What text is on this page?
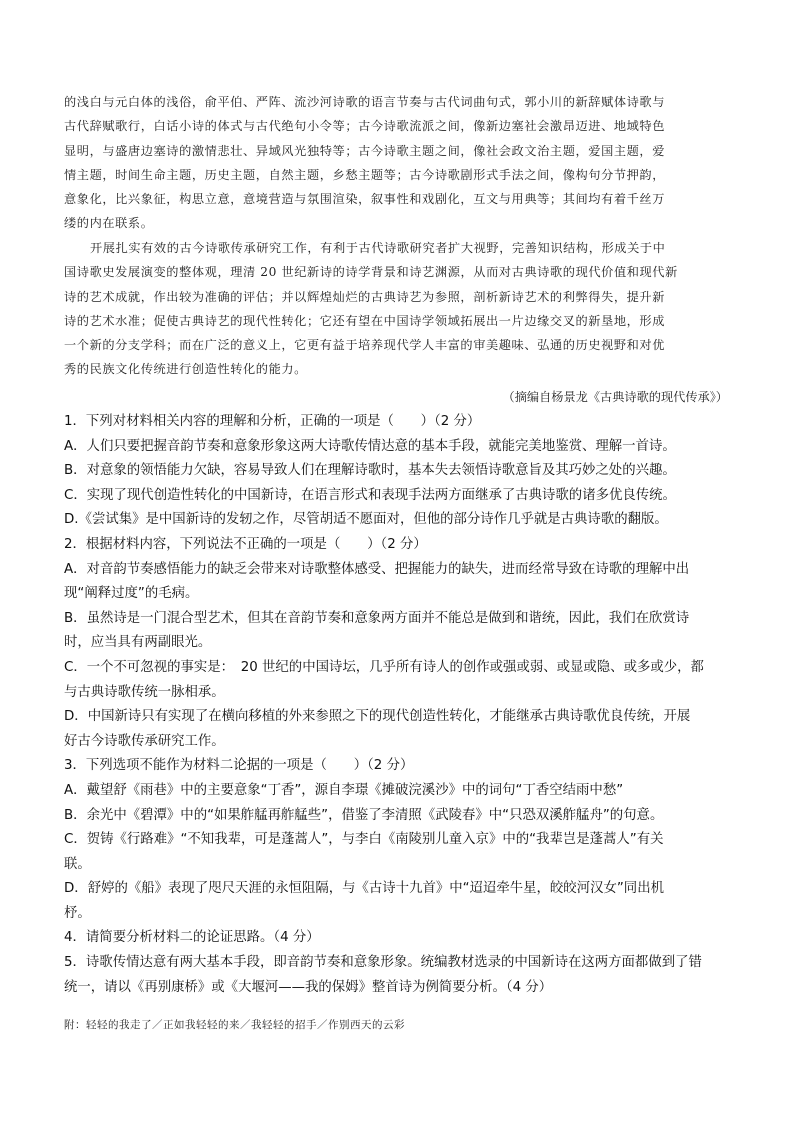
的浅白与元白体的浅俗，俞平伯、严阵、流沙河诗歌的语言节奏与古代词曲句式，郭小川的新辞赋体诗歌与
古代辞赋歌行，白话小诗的体式与古代绝句小令等；古今诗歌流派之间，像新边塞社会激昂迈进、地域特色
显明，与盛唐边塞诗的激情悲壮、异域风光独特等；古今诗歌主题之间，像社会政文治主题，爱国主题，爱
情主题，时间生命主题，历史主题，自然主题，乡愁主题等；古今诗歌剧形式手法之间，像构句分节押韵，
意象化，比兴象征，构思立意，意境营造与氛围渲染，叙事性和戏剧化，互文与用典等；其间均有着千丝万
缕的内在联系。
开展扎实有效的古今诗歌传承研究工作，有利于古代诗歌研究者扩大视野，完善知识结构，形成关于中
国诗歌史发展演变的整体观，理清 20 世纪新诗的诗学背景和诗艺渊源，从而对古典诗歌的现代价值和现代新
诗的艺术成就，作出较为准确的评估；并以辉煌灿烂的古典诗艺为参照，剖析新诗艺术的利弊得失，提升新
诗的艺术水准；促使古典诗艺的现代性转化；它还有望在中国诗学领域拓展出一片边缘交叉的新垦地，形成
一个新的分支学科；而在广泛的意义上，它更有益于培养现代学人丰富的审美趣味、弘通的历史视野和对优
秀的民族文化传统进行创造性转化的能力。
（摘编自杨景龙《古典诗歌的现代传承》）
1．下列对材料相关内容的理解和分析，正确的一项是（　　）（2 分）
A．人们只要把握音韵节奏和意象形象这两大诗歌传情达意的基本手段，就能完美地鉴赏、理解一首诗。
B．对意象的领悟能力欠缺，容易导致人们在理解诗歌时，基本失去领悟诗歌意旨及其巧妙之处的兴趣。
C．实现了现代创造性转化的中国新诗，在语言形式和表现手法两方面继承了古典诗歌的诸多优良传统。
D.《尝试集》是中国新诗的发轫之作，尽管胡适不愿面对，但他的部分诗作几乎就是古典诗歌的翻版。
2．根据材料内容，下列说法不正确的一项是（　　）（2 分）
A．对音韵节奏感悟能力的缺乏会带来对诗歌整体感受、把握能力的缺失，进而经常导致在诗歌的理解中出
现“阐释过度”的毛病。
B．虽然诗是一门混合型艺术，但其在音韵节奏和意象两方面并不能总是做到和谐统，因此，我们在欣赏诗
时，应当具有两副眼光。
C．一个不可忽视的事实是：　20 世纪的中国诗坛，几乎所有诗人的创作或强或弱、或显或隐、或多或少，都
与古典诗歌传统一脉相承。
D．中国新诗只有实现了在横向移植的外来参照之下的现代创造性转化，才能继承古典诗歌优良传统，开展
好古今诗歌传承研究工作。
3．下列选项不能作为材料二论据的一项是（　　）（2 分）
A．戴望舒《雨巷》中的主要意象“丁香”，源自李璟《摊破浣溪沙》中的词句“丁香空结雨中愁”
B．余光中《碧潭》中的“如果舴艋再舴艋些”，借鉴了李清照《武陵春》中“只恐双溪舴艋舟”的句意。
C．贺铸《行路难》“不知我辈，可是蓬蒿人”，与李白《南陵别儿童入京》中的“我辈岂是蓬蒿人”有关
联。
D．舒婷的《船》表现了咫尺天涯的永恒阻隔，与《古诗十九首》中“迢迢牵牛星，皎皎河汉女”同出机
杼。
4．请简要分析材料二的论证思路。（4 分）
5．诗歌传情达意有两大基本手段，即音韵节奏和意象形象。统编教材选录的中国新诗在这两方面都做到了错
统一，请以《再别康桥》或《大堰河——我的保姆》整首诗为例简要分析。（4 分）
附：轻轻的我走了／正如我轻轻的来／我轻轻的招手／作别西天的云彩
